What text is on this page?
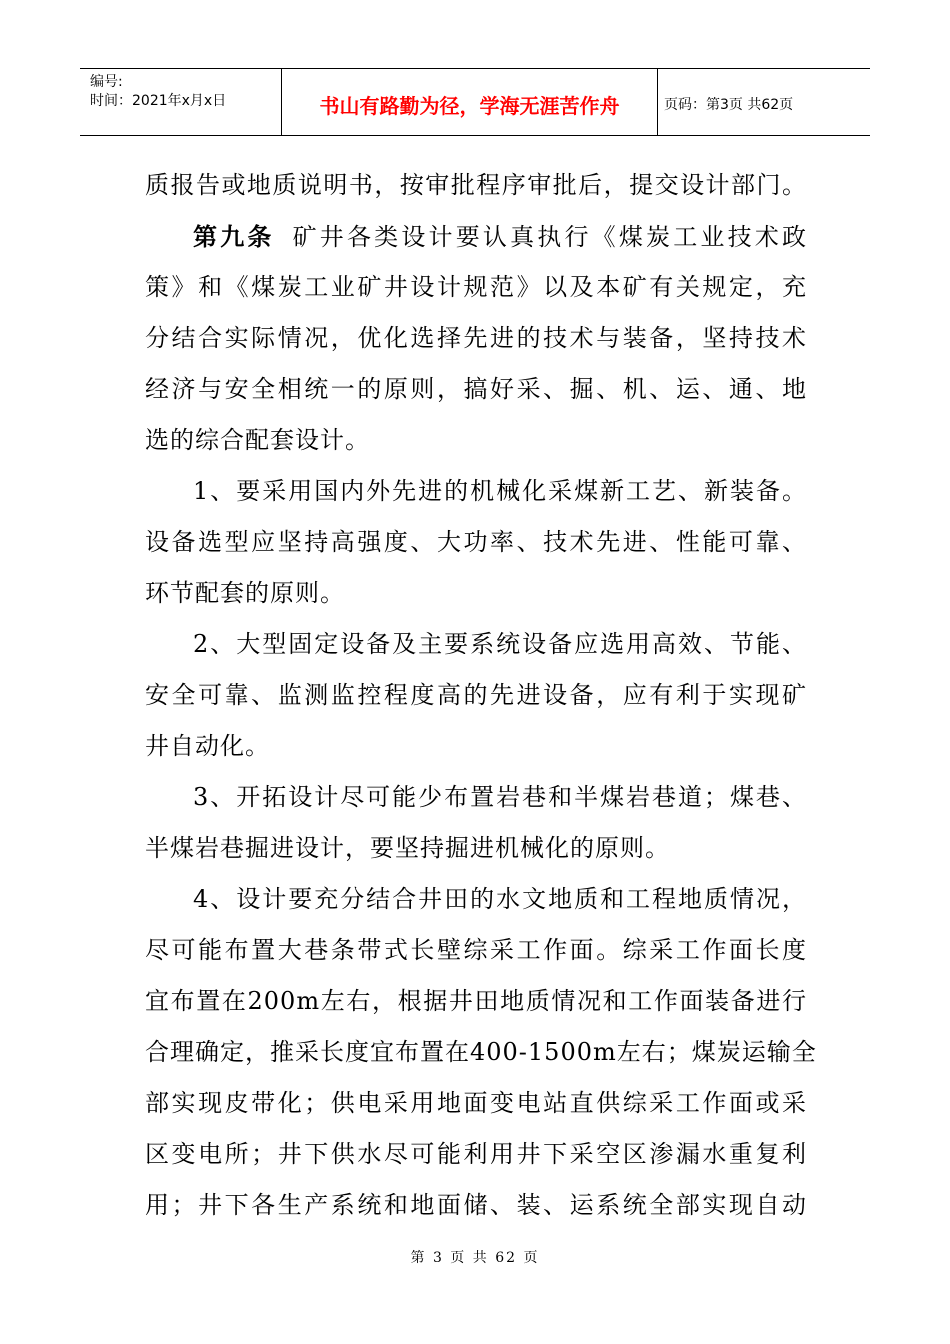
编号:
时间：2021年x月x日	书山有路勤为径，学海无涯苦作舟	页码：第3页 共62页
质报告或地质说明书，按审批程序审批后，提交设计部门。
第九条 矿井各类设计要认真执行《煤炭工业技术政
策》和《煤炭工业矿井设计规范》以及本矿有关规定，充
分结合实际情况，优化选择先进的技术与装备，坚持技术
经济与安全相统一的原则，搞好采、掘、机、运、通、地
选的综合配套设计。
1、要采用国内外先进的机械化采煤新工艺、新装备。
设备选型应坚持高强度、大功率、技术先进、性能可靠、
环节配套的原则。
2、大型固定设备及主要系统设备应选用高效、节能、
安全可靠、监测监控程度高的先进设备，应有利于实现矿
井自动化。
3、开拓设计尽可能少布置岩巷和半煤岩巷道；煤巷、
半煤岩巷掘进设计，要坚持掘进机械化的原则。
4、设计要充分结合井田的水文地质和工程地质情况，
尽可能布置大巷条带式长壁综采工作面。综采工作面长度
宜布置在200m左右，根据井田地质情况和工作面装备进行
合理确定，推采长度宜布置在400-1500m左右；煤炭运输全
部实现皮带化；供电采用地面变电站直供综采工作面或采
区变电所；井下供水尽可能利用井下采空区渗漏水重复利
用；井下各生产系统和地面储、装、运系统全部实现自动
第 3 页 共 62 页
